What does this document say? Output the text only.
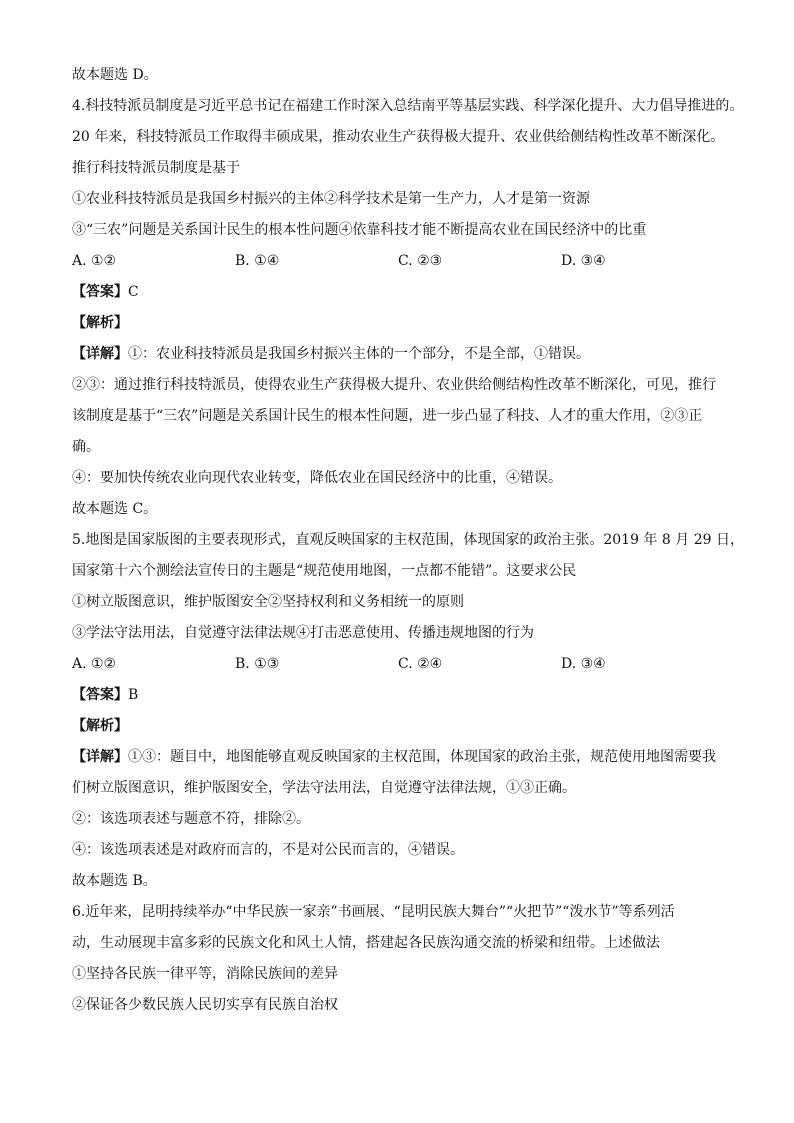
故本题选 D。
4.科技特派员制度是习近平总书记在福建工作时深入总结南平等基层实践、科学深化提升、大力倡导推进的。
20 年来，科技特派员工作取得丰硕成果，推动农业生产获得极大提升、农业供给侧结构性改革不断深化。
推行科技特派员制度是基于
①农业科技特派员是我国乡村振兴的主体②科学技术是第一生产力，人才是第一资源
③“三农”问题是关系国计民生的根本性问题④依靠科技才能不断提高农业在国民经济中的比重
A. ①②	B. ①④	C. ②③	D. ③④
【答案】C
【解析】
【详解】①：农业科技特派员是我国乡村振兴主体的一个部分，不是全部，①错误。
②③：通过推行科技特派员，使得农业生产获得极大提升、农业供给侧结构性改革不断深化，可见，推行
该制度是基于“三农”问题是关系国计民生的根本性问题，进一步凸显了科技、人才的重大作用，②③正
确。
④：要加快传统农业向现代农业转变，降低农业在国民经济中的比重，④错误。
故本题选 C。
5.地图是国家版图的主要表现形式，直观反映国家的主权范围，体现国家的政治主张。2019 年 8 月 29 日，
国家第十六个测绘法宣传日的主题是“规范使用地图，一点都不能错”。这要求公民
①树立版图意识，维护版图安全②坚持权利和义务相统一的原则
③学法守法用法，自觉遵守法律法规④打击恶意使用、传播违规地图的行为
A. ①②	B. ①③	C. ②④	D. ③④
【答案】B
【解析】
【详解】①③：题目中，地图能够直观反映国家的主权范围，体现国家的政治主张，规范使用地图需要我
们树立版图意识，维护版图安全，学法守法用法，自觉遵守法律法规，①③正确。
②：该选项表述与题意不符，排除②。
④：该选项表述是对政府而言的，不是对公民而言的，④错误。
故本题选 B。
6.近年来，昆明持续举办“中华民族一家亲”书画展、“昆明民族大舞台”“火把节”“泼水节”等系列活
动，生动展现丰富多彩的民族文化和风土人情，搭建起各民族沟通交流的桥梁和纽带。上述做法
①坚持各民族一律平等，消除民族间的差异
②保证各少数民族人民切实享有民族自治权
